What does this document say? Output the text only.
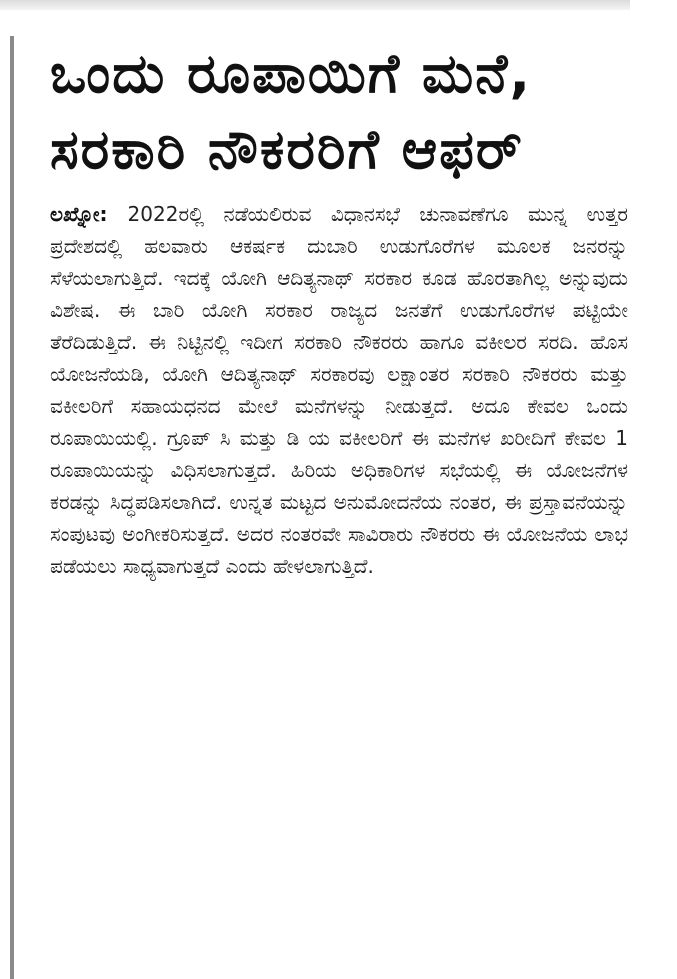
ಒಂದು ರೂಪಾಯಿಗೆ ಮನೆ,
ಸರಕಾರಿ ನೌಕರರಿಗೆ ಆಫರ್
ಲಖ್ನೋ: 2022ರಲ್ಲಿ ನಡೆಯಲಿರುವ ವಿಧಾನಸಭೆ ಚುನಾವಣೆಗೂ ಮುನ್ನ ಉತ್ತರ ಪ್ರದೇಶದಲ್ಲಿ ಹಲವಾರು ಆಕರ್ಷಕ ದುಬಾರಿ ಉಡುಗೊರೆಗಳ ಮೂಲಕ ಜನರನ್ನು ಸೆಳೆಯಲಾಗುತ್ತಿದೆ. ಇದಕ್ಕೆ ಯೋಗಿ ಆದಿತ್ಯನಾಥ್ ಸರಕಾರ ಕೂಡ ಹೊರತಾಗಿಲ್ಲ ಅನ್ನುವುದು ವಿಶೇಷ. ಈ ಬಾರಿ ಯೋಗಿ ಸರಕಾರ ರಾಜ್ಯದ ಜನತೆಗೆ ಉಡುಗೊರೆಗಳ ಪಟ್ಟಿಯೇ ತೆರೆದಿಡುತ್ತಿದೆ. ಈ ನಿಟ್ಟಿನಲ್ಲಿ ಇದೀಗ ಸರಕಾರಿ ನೌಕರರು ಹಾಗೂ ವಕೀಲರ ಸರದಿ. ಹೊಸ ಯೋಜನೆಯಡಿ, ಯೋಗಿ ಆದಿತ್ಯನಾಥ್ ಸರಕಾರವು ಲಕ್ಷಾಂತರ ಸರಕಾರಿ ನೌಕರರು ಮತ್ತು ವಕೀಲರಿಗೆ ಸಹಾಯಧನದ ಮೇಲೆ ಮನೆಗಳನ್ನು ನೀಡುತ್ತದೆ. ಅದೂ ಕೇವಲ ಒಂದು ರೂಪಾಯಿಯಲ್ಲಿ. ಗ್ರೂಪ್ ಸಿ ಮತ್ತು ಡಿ ಯ ವಕೀಲರಿಗೆ ಈ ಮನೆಗಳ ಖರೀದಿಗೆ ಕೇವಲ 1 ರೂಪಾಯಿಯನ್ನು ವಿಧಿಸಲಾಗುತ್ತದೆ. ಹಿರಿಯ ಅಧಿಕಾರಿಗಳ ಸಭೆಯಲ್ಲಿ ಈ ಯೋಜನೆಗಳ ಕರಡನ್ನು ಸಿದ್ಧಪಡಿಸಲಾಗಿದೆ. ಉನ್ನತ ಮಟ್ಟದ ಅನುಮೋದನೆಯ ನಂತರ, ಈ ಪ್ರಸ್ತಾವನೆಯನ್ನು ಸಂಪುಟವು ಅಂಗೀಕರಿಸುತ್ತದೆ. ಅದರ ನಂತರವೇ ಸಾವಿರಾರು ನೌಕರರು ಈ ಯೋಜನೆಯ ಲಾಭ ಪಡೆಯಲು ಸಾಧ್ಯವಾಗುತ್ತದೆ ಎಂದು ಹೇಳಲಾಗುತ್ತಿದೆ.
